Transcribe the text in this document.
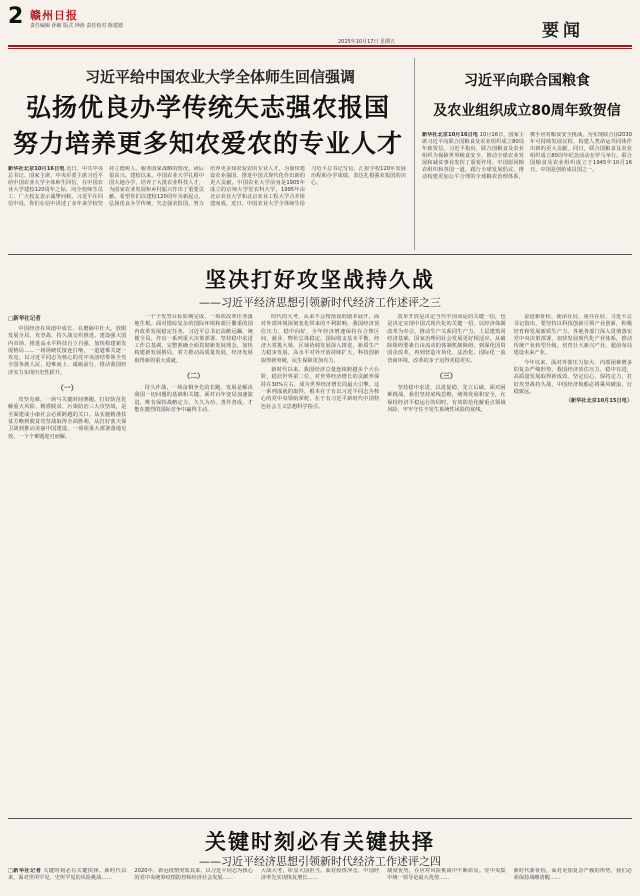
2 赣州日报
责任编辑 孙敏 版式 钟涛 责任校对 陈建德
2025年10月17日 星期五
要闻
习近平给中国农业大学全体师生回信强调
弘扬优良办学传统矢志强农报国
努力培养更多知农爱农的专业人才
新华社北京10月16日电 近日，中共中央总书记、国家主席、中央军委主席习近平给中国农业大学全体师生回信，在中国农业大学建校120周年之际，向全校师生员工、广大校友表示诚挚问候。习近平在回信中说，你们在信中讲述了多年来学校坚持立德树人、服务国家战略的情况，读后很高兴。建校以来，中国农业大学扎根中国大地办学，培养了大批农业科技人才，为国家农业发展和乡村振兴作出了重要贡献。希望你们以建校120周年为新起点，弘扬优良办学传统，矢志强农报国，努力培养更多知农爱农的专业人才，为加快建设农业强国、推进中国式现代化作出新的更大贡献。中国农业大学前身是1905年成立的京师大学堂农科大学，1995年由北京农业大学和北京农业工程大学合并组建而成。近日，中国农业大学全体师生给习近平总书记写信，汇报学校120年发展历程和办学成绩，表达扎根强农报国的决心。
习近平向联合国粮食
及农业组织成立80周年致贺信
新华社北京10月16日电 10月16日，国家主席习近平向联合国粮食及农业组织成立80周年致贺信。习近平指出，联合国粮食及农业组织为保障世界粮食安全、推动全球农业发展和减贫事业发挥了重要作用。中国愿同粮农组织和各国一道，践行全球发展倡议，推动构建更加公平合理的全球粮农治理体系，携手应对粮食安全挑战，为实现联合国2030年可持续发展议程、构建人类命运共同体作出新的更大贡献。同日，联合国粮食及农业组织成立80周年纪念活动在罗马举行。联合国粮食及农业组织成立于1945年10月16日，中国是创始成员国之一。
坚决打好攻坚战持久战
——习近平经济思想引领新时代经济工作述评之三

□新华社记者

中国经济在风雨中成长、在磨砺中壮大。放眼发展全局，攻坚战、持久战交织推进。建设强大国内市场、推进高水平科技自立自强、加快构建新发展格局……一场场硬仗接连打响，一道道难关逐一攻克。以习近平同志为核心的党中央团结带领全党全国各族人民，迎难而上、砥砺前行，推动我国经济实力实现历史性跃升。

（一）

攻坚克难，一场与关键时间赛跑。打好防范化解重大风险、精准脱贫、污染防治三大攻坚战，是全面建成小康社会必须跨越的关口。从实施精准扶贫方略到脱贫攻坚战取得全面胜利，从打好蓝天保卫战到推动美丽中国建设，一项项重大部署落地见效，一个个难题迎刃而解。

一个个攻坚目标如期完成，一项项改革任务落地生根。面对错综复杂的国际环境和艰巨繁重的国内改革发展稳定任务，习近平总书记高瞻远瞩、统揽全局，作出一系列重大决策部署。坚持稳中求进工作总基调，完整准确全面贯彻新发展理念，加快构建新发展格局，着力推动高质量发展，经济发展取得新的重大成就。

（二）

持久作战，一场奋楫争先的长跑。发展是解决我国一切问题的基础和关键。面对百年变局加速演进，唯有保持战略定力，久久为功、善作善成，才能在激烈的国际竞争中赢得主动。

时代的大考，从来不会按预设的剧本展开。面对外部环境深刻变化带来的不利影响，我国经济顶住压力、稳中向好，全年经济增速保持在合理区间，就业、物价总体稳定，国际收支基本平衡。经济大省挑大梁，区域协调发展深入推进，新质生产力稳步发展，高水平对外开放持续扩大，科技创新取得新突破，民生保障更加有力。

新时代以来，我国经济总量连续跨越多个大台阶，稳居世界第二位，对世界经济增长的贡献率保持在30%左右，成为世界经济增长的最大引擎。这一系列成就的取得，根本在于有以习近平同志为核心的党中央领航掌舵，在于有习近平新时代中国特色社会主义思想科学指引。

改革开放是决定当代中国命运的关键一招，也是决定实现中国式现代化的关键一招。以经济体制改革为牵引，推动生产关系同生产力、上层建筑同经济基础、国家治理同社会发展更好相适应。从破除阻碍要素自由流动的体制机制障碍，到深化国资国企改革，再到营造市场化、法治化、国际化一流营商环境，改革的步子迈得更稳更实。

（三）

坚持稳中求进，以进促稳，先立后破。面对困难挑战，我们坚持底线思维，统筹发展和安全，在保持经济平稳运行的同时，有效防范化解重点领域风险，牢牢守住不发生系统性风险的底线。

奋进新征程，使命在肩，重任在肩。习近平总书记指出，要坚持以科技创新引领产业创新，积极培育和发展新质生产力。各地各部门深入贯彻落实党中央决策部署，加快发展现代化产业体系，推动传统产业转型升级，培育壮大新兴产业，超前布局建设未来产业。

今年以来，面对外部压力加大、内部困难增多的复杂严峻形势，我国经济顶住压力，稳中有进，高质量发展取得新成效。坚定信心、保持定力，打好攻坚战持久战，中国经济航船必将乘风破浪、行稳致远。

（新华社北京10月15日电）

关键时刻必有关键抉择
——习近平经济思想引领新时代经济工作述评之四
□新华社记者 关键时刻必有关键抉择。新时代以来，面对世所罕见、史所罕见的风险挑战……
2020年，新冠疫情突如其来，以习近平同志为核心的党中央统筹疫情防控和经济社会发展……
大战大考，彰显大国担当。面对疫情冲击，中国经济率先实现恢复增长……
制度优势，在应对风险挑战中不断彰显。党中央集中统一领导是最大优势……
新时代新征程，面对更加复杂严峻的形势，我们必须保持战略清醒……
